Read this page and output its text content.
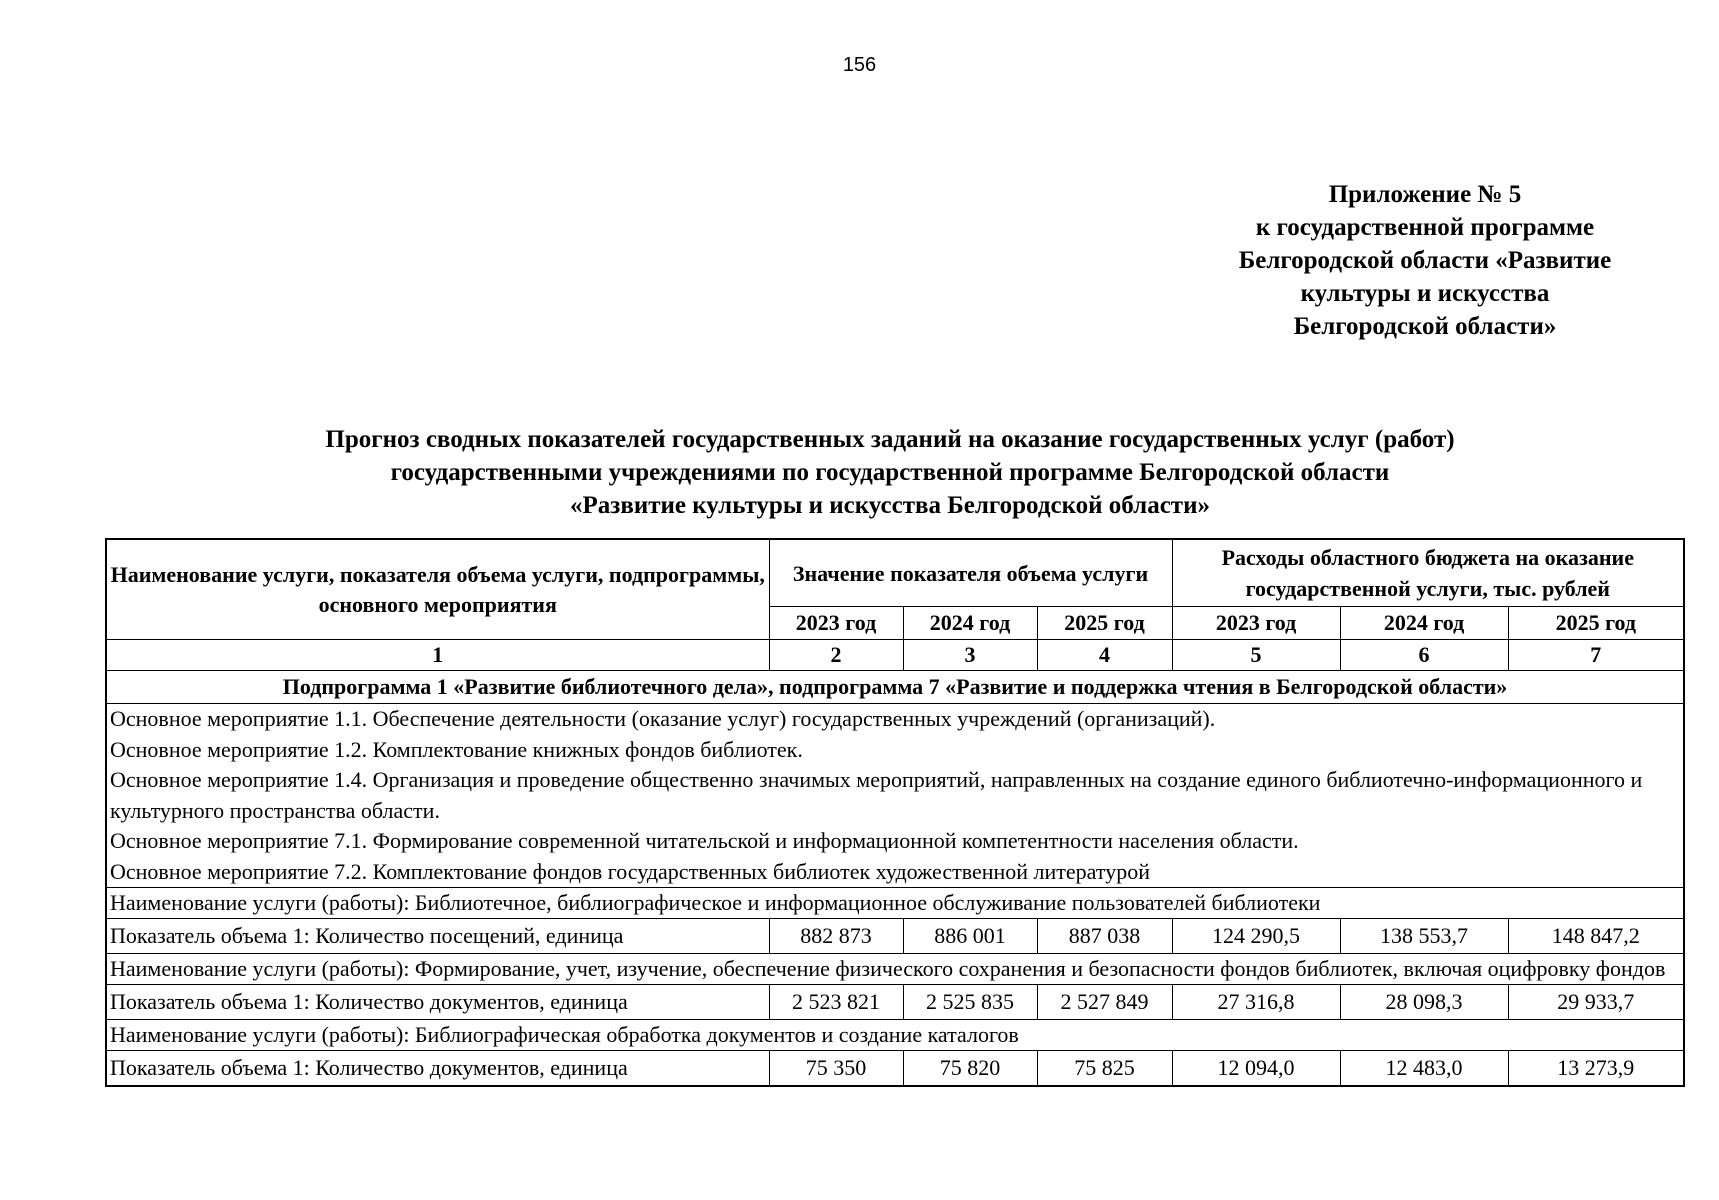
156
Приложение № 5
к государственной программе
Белгородской области «Развитие
культуры и искусства
Белгородской области»
Прогноз сводных показателей государственных заданий на оказание государственных услуг (работ)
государственными учреждениями по государственной программе Белгородской области
«Развитие культуры и искусства Белгородской области»
Наименование услуги, показателя объема услуги, подпрограммы, основного мероприятия	Значение показателя объема услуги			Расходы областного бюджета на оказание государственной услуги, тыс. рублей		
	2023 год	2024 год	2025 год	2023 год	2024 год	2025 год
1	2	3	4	5	6	7
Подпрограмма 1 «Развитие библиотечного дела», подпрограмма 7 «Развитие и поддержка чтения в Белгородской области»						

Основное мероприятие 1.1. Обеспечение деятельности (оказание услуг) государственных учреждений (организаций).

Основное мероприятие 1.2. Комплектование книжных фондов библиотек.

Основное мероприятие 1.4. Организация и проведение общественно значимых мероприятий, направленных на создание единого библиотечно-информационного и культурного пространства области.

Основное мероприятие 7.1. Формирование современной читательской и информационной компетентности населения области.

Основное мероприятие 7.2. Комплектование фондов государственных библиотек художественной литературой						

Наименование услуги (работы): Библиотечное, библиографическое и информационное обслуживание пользователей библиотеки						
Показатель объема 1: Количество посещений, единица	882 873	886 001	887 038	124 290,5	138 553,7	148 847,2
Наименование услуги (работы): Формирование, учет, изучение, обеспечение физического сохранения и безопасности фондов библиотек, включая оцифровку фондов						
Показатель объема 1: Количество документов, единица	2 523 821	2 525 835	2 527 849	27 316,8	28 098,3	29 933,7
Наименование услуги (работы): Библиографическая обработка документов и создание каталогов						
Показатель объема 1: Количество документов, единица	75 350	75 820	75 825	12 094,0	12 483,0	13 273,9
